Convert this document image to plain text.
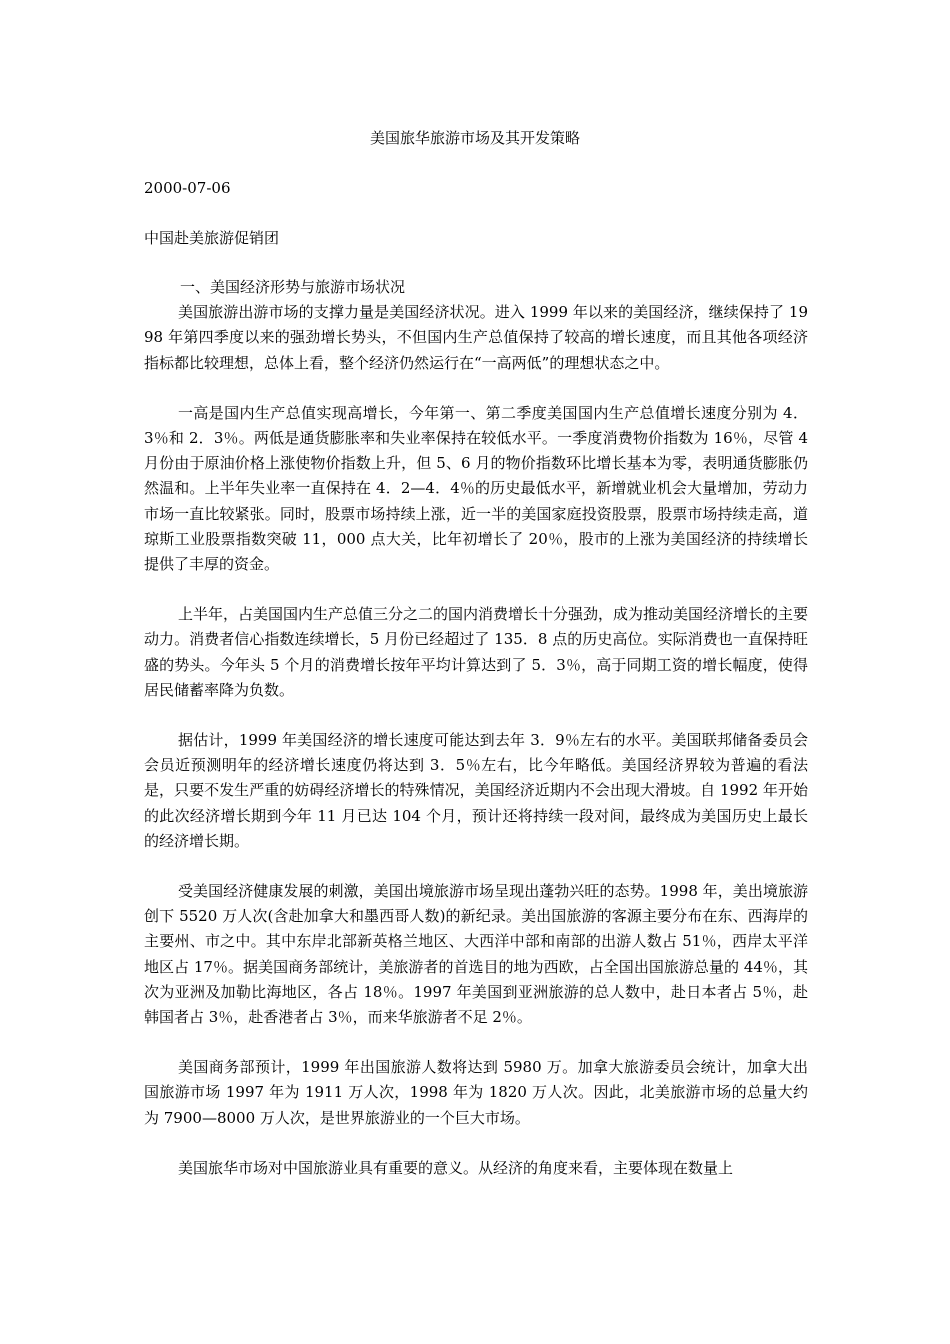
美国旅华旅游市场及其开发策略
2000-07-06
中国赴美旅游促销团

一、美国经济形势与旅游市场状况

美国旅游出游市场的支撑力量是美国经济状况。进入 1999 年以来的美国经济，继续保持了 1998 年第四季度以来的强劲增长势头，不但国内生产总值保持了较高的增长速度，而且其他各项经济指标都比较理想，总体上看，整个经济仍然运行在“一高两低”的理想状态之中。

一高是国内生产总值实现高增长，今年第一、第二季度美国国内生产总值增长速度分别为 4．3％和 2．3％。两低是通货膨胀率和失业率保持在较低水平。一季度消费物价指数为 16％，尽管 4 月份由于原油价格上涨使物价指数上升，但 5、6 月的物价指数环比增长基本为零，表明通货膨胀仍然温和。上半年失业率一直保持在 4．2—4．4％的历史最低水平，新增就业机会大量增加，劳动力市场一直比较紧张。同时，股票市场持续上涨，近一半的美国家庭投资股票，股票市场持续走高，道琼斯工业股票指数突破 11，000 点大关，比年初增长了 20％，股市的上涨为美国经济的持续增长提供了丰厚的资金。

上半年，占美国国内生产总值三分之二的国内消费增长十分强劲，成为推动美国经济增长的主要动力。消费者信心指数连续增长，5 月份已经超过了 135．8 点的历史高位。实际消费也一直保持旺盛的势头。今年头 5 个月的消费增长按年平均计算达到了 5．3％，高于同期工资的增长幅度，使得居民储蓄率降为负数。

据估计，1999 年美国经济的增长速度可能达到去年 3．9％左右的水平。美国联邦储备委员会会员近预测明年的经济增长速度仍将达到 3．5％左右，比今年略低。美国经济界较为普遍的看法是，只要不发生严重的妨碍经济增长的特殊情况，美国经济近期内不会出现大滑坡。自 1992 年开始的此次经济增长期到今年 11 月已达 104 个月，预计还将持续一段对间，最终成为美国历史上最长的经济增长期。

受美国经济健康发展的刺激，美国出境旅游市场呈现出蓬勃兴旺的态势。1998 年，美出境旅游创下 5520 万人次(含赴加拿大和墨西哥人数)的新纪录。美出国旅游的客源主要分布在东、西海岸的主要州、市之中。其中东岸北部新英格兰地区、大西洋中部和南部的出游人数占 51％，西岸太平洋地区占 17％。据美国商务部统计，美旅游者的首选目的地为西欧，占全国出国旅游总量的 44％，其次为亚洲及加勒比海地区，各占 18％。1997 年美国到亚洲旅游的总人数中，赴日本者占 5％，赴韩国者占 3％，赴香港者占 3％，而来华旅游者不足 2％。

美国商务部预计，1999 年出国旅游人数将达到 5980 万。加拿大旅游委员会统计，加拿大出国旅游市场 1997 年为 1911 万人次，1998 年为 1820 万人次。因此，北美旅游市场的总量大约为 7900—8000 万人次，是世界旅游业的一个巨大市场。

美国旅华市场对中国旅游业具有重要的意义。从经济的角度来看，主要体现在数量上
